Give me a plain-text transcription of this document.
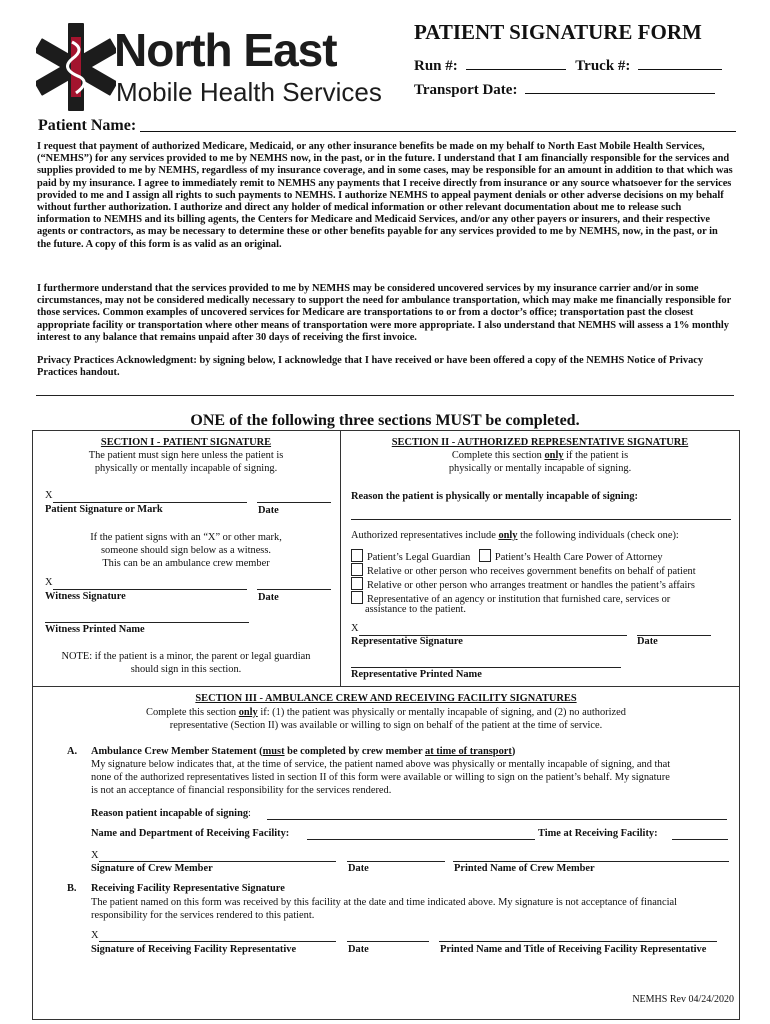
North East
Mobile Health Services
PATIENT SIGNATURE FORM
Run #:	Truck #:
Transport Date:
Patient Name:
I request that payment of authorized Medicare, Medicaid, or any other insurance benefits be made on my behalf to North East Mobile Health Services, (“NEMHS”) for any services provided to me by NEMHS now, in the past, or in the future. I understand that I am financially responsible for the services and supplies provided to me by NEMHS, regardless of my insurance coverage, and in some cases, may be responsible for an amount in addition to that which was paid by my insurance. I agree to immediately remit to NEMHS any payments that I receive directly from insurance or any source whatsoever for the services provided to me and I assign all rights to such payments to NEMHS. I authorize NEMHS to appeal payment denials or other adverse decisions on my behalf without further authorization. I authorize and direct any holder of medical information or other relevant documentation about me to release such information to NEMHS and its billing agents, the Centers for Medicare and Medicaid Services, and/or any other payers or insurers, and their respective agents or contractors, as may be necessary to determine these or other benefits payable for any services provided to me by NEMHS, now, in the past, or in the future. A copy of this form is as valid as an original.
I furthermore understand that the services provided to me by NEMHS may be considered uncovered services by my insurance carrier and/or in some circumstances, may not be considered medically necessary to support the need for ambulance transportation, which may make me financially responsible for those services. Common examples of uncovered services for Medicare are transportations to or from a doctor’s office; transportation past the closest appropriate facility or transportation where other means of transportation were more appropriate. I also understand that NEMHS will assess a 1% monthly interest to any balance that remains unpaid after 30 days of receiving the first invoice.
Privacy Practices Acknowledgment: by signing below, I acknowledge that I have received or have been offered a copy of the NEMHS Notice of Privacy Practices handout.
ONE of the following three sections MUST be completed.
SECTION I - PATIENT SIGNATURE
The patient must sign here unless the patient is
physically or mentally incapable of signing.
X
Patient Signature or Mark	Date
If the patient signs with an “X” or other mark,
someone should sign below as a witness.
This can be an ambulance crew member
X
Witness Signature	Date
Witness Printed Name
NOTE: if the patient is a minor, the parent or legal guardian
should sign in this section.
SECTION II - AUTHORIZED REPRESENTATIVE SIGNATURE
Complete this section only if the patient is
physically or mentally incapable of signing.
Reason the patient is physically or mentally incapable of signing:
Authorized representatives include only the following individuals (check one):
Patient’s Legal Guardian Patient’s Health Care Power of Attorney
Relative or other person who receives government benefits on behalf of patient
Relative or other person who arranges treatment or handles the patient’s affairs
Representative of an agency or institution that furnished care, services or
assistance to the patient.
X
Representative Signature	Date
Representative Printed Name
SECTION III - AMBULANCE CREW AND RECEIVING FACILITY SIGNATURES
Complete this section only if: (1) the patient was physically or mentally incapable of signing, and (2) no authorized
representative (Section II) was available or willing to sign on behalf of the patient at the time of service.
A. Ambulance Crew Member Statement (must be completed by crew member at time of transport)
My signature below indicates that, at the time of service, the patient named above was physically or mentally incapable of signing, and that
none of the authorized representatives listed in section II of this form were available or willing to sign on the patient’s behalf. My signature
is not an acceptance of financial responsibility for the services rendered.
Reason patient incapable of signing:
Name and Department of Receiving Facility:	Time at Receiving Facility:
X
Signature of Crew Member	Date	Printed Name of Crew Member
B. Receiving Facility Representative Signature
The patient named on this form was received by this facility at the date and time indicated above. My signature is not acceptance of financial
responsibility for the services rendered to this patient.
X
Signature of Receiving Facility Representative	Date	Printed Name and Title of Receiving Facility Representative
NEMHS Rev 04/24/2020
